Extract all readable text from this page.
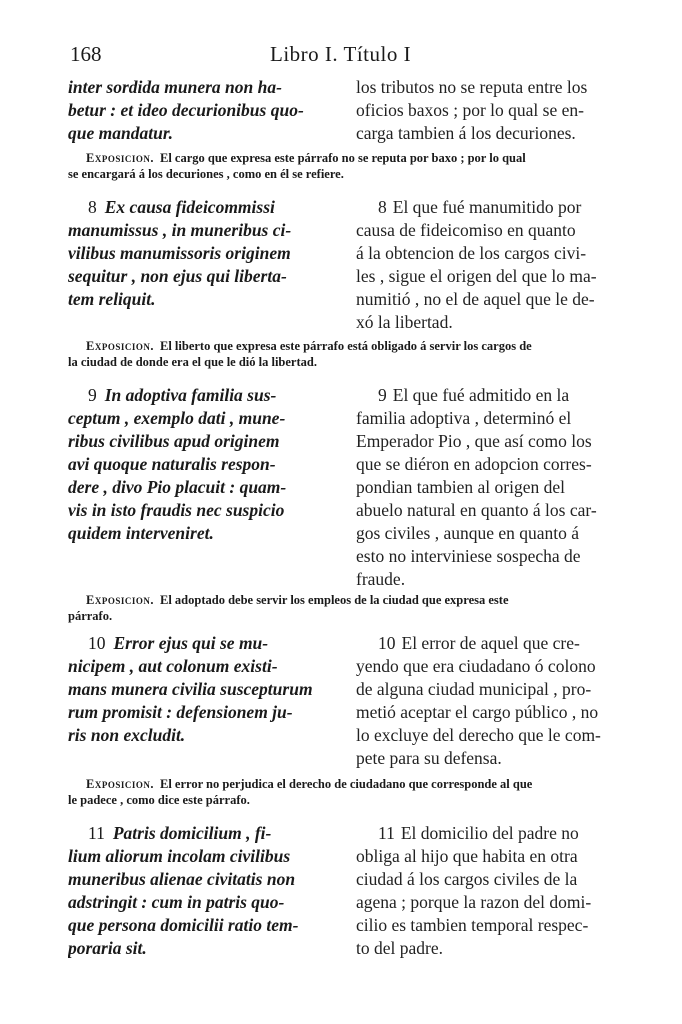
168	Libro I. Título I
inter sordida munera non ha-
betur : et ideo decurionibus quo-
que mandatur.
los tributos no se reputa entre los
oficios baxos ; por lo qual se en-
carga tambien á los decuriones.
Exposicion. El cargo que expresa este párrafo no se reputa por baxo ; por lo qual
se encargará á los decuriones , como en él se refiere.
8 Ex causa fideicommissi
manumissus , in muneribus ci-
vilibus manumissoris originem
sequitur , non ejus qui liberta-
tem reliquit.
8 El que fué manumitido por
causa de fideicomiso en quanto
á la obtencion de los cargos civi-
les , sigue el origen del que lo ma-
numitió , no el de aquel que le de-
xó la libertad.
Exposicion. El liberto que expresa este párrafo está obligado á servir los cargos de
la ciudad de donde era el que le dió la libertad.
9 In adoptiva familia sus-
ceptum , exemplo dati , mune-
ribus civilibus apud originem
avi quoque naturalis respon-
dere , divo Pio placuit : quam-
vis in isto fraudis nec suspicio
quidem interveniret.
9 El que fué admitido en la
familia adoptiva , determinó el
Emperador Pio , que así como los
que se diéron en adopcion corres-
pondian tambien al origen del
abuelo natural en quanto á los car-
gos civiles , aunque en quanto á
esto no interviniese sospecha de
fraude.
Exposicion. El adoptado debe servir los empleos de la ciudad que expresa este
párrafo.
10 Error ejus qui se mu-
nicipem , aut colonum existi-
mans munera civilia suscepturum
rum promisit : defensionem ju-
ris non excludit.
10 El error de aquel que cre-
yendo que era ciudadano ó colono
de alguna ciudad municipal , pro-
metió aceptar el cargo público , no
lo excluye del derecho que le com-
pete para su defensa.
Exposicion. El error no perjudica el derecho de ciudadano que corresponde al que
le padece , como dice este párrafo.
11 Patris domicilium , fi-
lium aliorum incolam civilibus
muneribus alienae civitatis non
adstringit : cum in patris quo-
que persona domicilii ratio tem-
poraria sit.
11 El domicilio del padre no
obliga al hijo que habita en otra
ciudad á los cargos civiles de la
agena ; porque la razon del domi-
cilio es tambien temporal respec-
to del padre.
